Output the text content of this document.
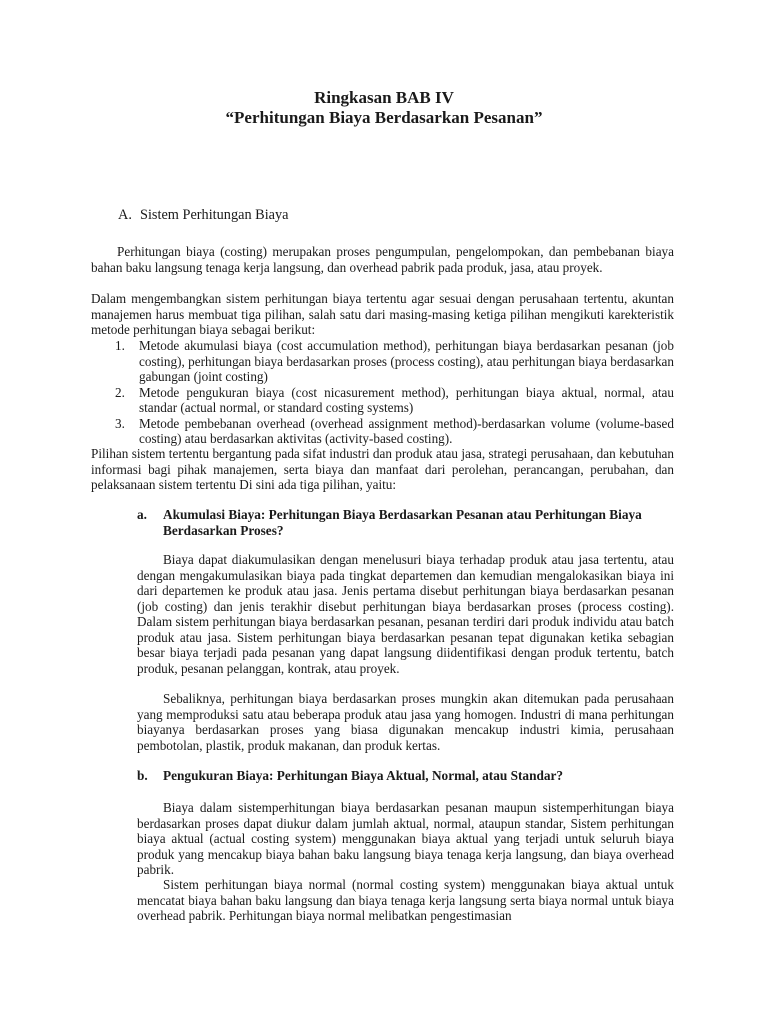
Ringkasan BAB IV
“Perhitungan Biaya Berdasarkan Pesanan”
A. Sistem Perhitungan Biaya
Perhitungan biaya (costing) merupakan proses pengumpulan, pengelompokan, dan pembebanan biaya bahan baku langsung tenaga kerja langsung, dan overhead pabrik pada produk, jasa, atau proyek.
Dalam mengembangkan sistem perhitungan biaya tertentu agar sesuai dengan perusahaan tertentu, akuntan manajemen harus membuat tiga pilihan, salah satu dari masing-masing ketiga pilihan mengikuti karekteristik metode perhitungan biaya sebagai berikut:
1. Metode akumulasi biaya (cost accumulation method), perhitungan biaya berdasarkan pesanan (job costing), perhitungan biaya berdasarkan proses (process costing), atau perhitungan biaya berdasarkan gabungan (joint costing)
2. Metode pengukuran biaya (cost nicasurement method), perhitungan biaya aktual, normal, atau standar (actual normal, or standard costing systems)
3. Metode pembebanan overhead (overhead assignment method)-berdasarkan volume (volume-based costing) atau berdasarkan aktivitas (activity-based costing).
Pilihan sistem tertentu bergantung pada sifat industri dan produk atau jasa, strategi perusahaan, dan kebutuhan informasi bagi pihak manajemen, serta biaya dan manfaat dari perolehan, perancangan, perubahan, dan pelaksanaan sistem tertentu Di sini ada tiga pilihan, yaitu:
a.	Akumulasi Biaya: Perhitungan Biaya Berdasarkan Pesanan atau Perhitungan Biaya Berdasarkan Proses?
Biaya dapat diakumulasikan dengan menelusuri biaya terhadap produk atau jasa tertentu, atau dengan mengakumulasikan biaya pada tingkat departemen dan kemudian mengalokasikan biaya ini dari departemen ke produk atau jasa. Jenis pertama disebut perhitungan biaya berdasarkan pesanan (job costing) dan jenis terakhir disebut perhitungan biaya berdasarkan proses (process costing). Dalam sistem perhitungan biaya berdasarkan pesanan, pesanan terdiri dari produk individu atau batch produk atau jasa. Sistem perhitungan biaya berdasarkan pesanan tepat digunakan ketika sebagian besar biaya terjadi pada pesanan yang dapat langsung diidentifikasi dengan produk tertentu, batch produk, pesanan pelanggan, kontrak, atau proyek.
Sebaliknya, perhitungan biaya berdasarkan proses mungkin akan ditemukan pada perusahaan yang memproduksi satu atau beberapa produk atau jasa yang homogen. Industri di mana perhitungan biayanya berdasarkan proses yang biasa digunakan mencakup industri kimia, perusahaan pembotolan, plastik, produk makanan, dan produk kertas.
b.	Pengukuran Biaya: Perhitungan Biaya Aktual, Normal, atau Standar?
Biaya dalam sistemperhitungan biaya berdasarkan pesanan maupun sistemperhitungan biaya berdasarkan proses dapat diukur dalam jumlah aktual, normal, ataupun standar, Sistem perhitungan biaya aktual (actual costing system) menggunakan biaya aktual yang terjadi untuk seluruh biaya produk yang mencakup biaya bahan baku langsung biaya tenaga kerja langsung, dan biaya overhead pabrik.
Sistem perhitungan biaya normal (normal costing system) menggunakan biaya aktual untuk mencatat biaya bahan baku langsung dan biaya tenaga kerja langsung serta biaya normal untuk biaya overhead pabrik. Perhitungan biaya normal melibatkan pengestimasian
